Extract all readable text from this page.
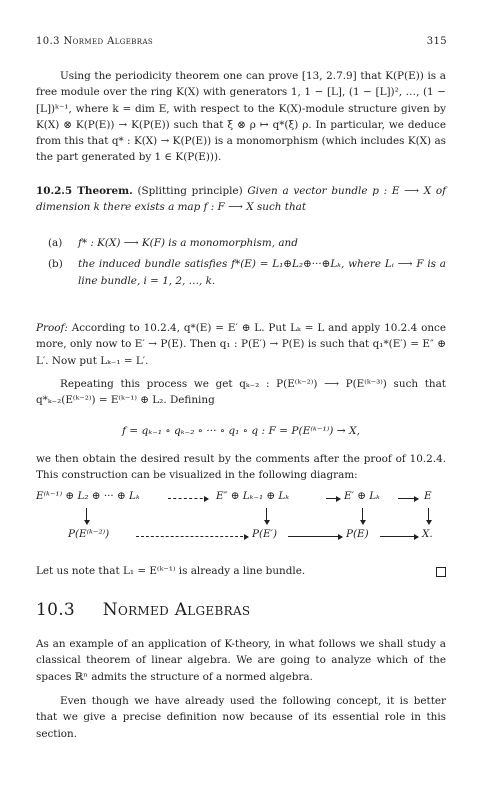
10.3 Normed Algebras	315

Using the periodicity theorem one can prove [13, 2.7.9] that K(P(E)) is a free module over the ring K(X) with generators 1, 1 − [L], (1 − [L])², …, (1 − [L])ᵏ⁻¹, where k = dim E, with respect to the K(X)-module structure given by K(X) ⊗ K(P(E)) → K(P(E)) such that ξ ⊗ ρ ↦ q*(ξ) ρ. In particular, we deduce from this that q* : K(X) → K(P(E)) is a monomorphism (which includes K(X) as the part generated by 1 ∈ K(P(E))).

10.2.5 Theorem. (Splitting principle) Given a vector bundle p : E ⟶ X of dimension k there exists a map f : F ⟶ X such that
(a) f* : K(X) ⟶ K(F) is a monomorphism, and
(b) the induced bundle satisfies f*(E) = L₁⊕L₂⊕···⊕Lₖ, where Lᵢ ⟶ F is a line bundle, i = 1, 2, …, k.
Proof: According to 10.2.4, q*(E) = E′ ⊕ L. Put Lₖ = L and apply 10.2.4 once more, only now to E′ → P(E). Then q₁ : P(E′) → P(E) is such that q₁*(E′) = E″ ⊕ L′. Now put Lₖ₋₁ = L′.

Repeating this process we get qₖ₋₂ : P(E⁽ᵏ⁻²⁾) ⟶ P(E⁽ᵏ⁻³⁾) such that q*ₖ₋₂(E⁽ᵏ⁻²⁾) = E⁽ᵏ⁻¹⁾ ⊕ L₂. Defining

f = qₖ₋₁ ∘ qₖ₋₂ ∘ ··· ∘ q₁ ∘ q : F = P(E⁽ᵏ⁻¹⁾) → X,

we then obtain the desired result by the comments after the proof of 10.2.4. This construction can be visualized in the following diagram:

E⁽ᵏ⁻¹⁾ ⊕ L₂ ⊕ ··· ⊕ Lₖ	E″ ⊕ Lₖ₋₁ ⊕ Lₖ	E′ ⊕ Lₖ	E
P(E⁽ᵏ⁻²⁾)	P(E′)	P(E)	X.
Let us note that L₁ = E⁽ᵏ⁻¹⁾ is already a line bundle.
10.3 Normed Algebras

As an example of an application of K-theory, in what follows we shall study a classical theorem of linear algebra. We are going to analyze which of the spaces ℝⁿ admits the structure of a normed algebra.

Even though we have already used the following concept, it is better that we give a precise definition now because of its essential role in this section.
